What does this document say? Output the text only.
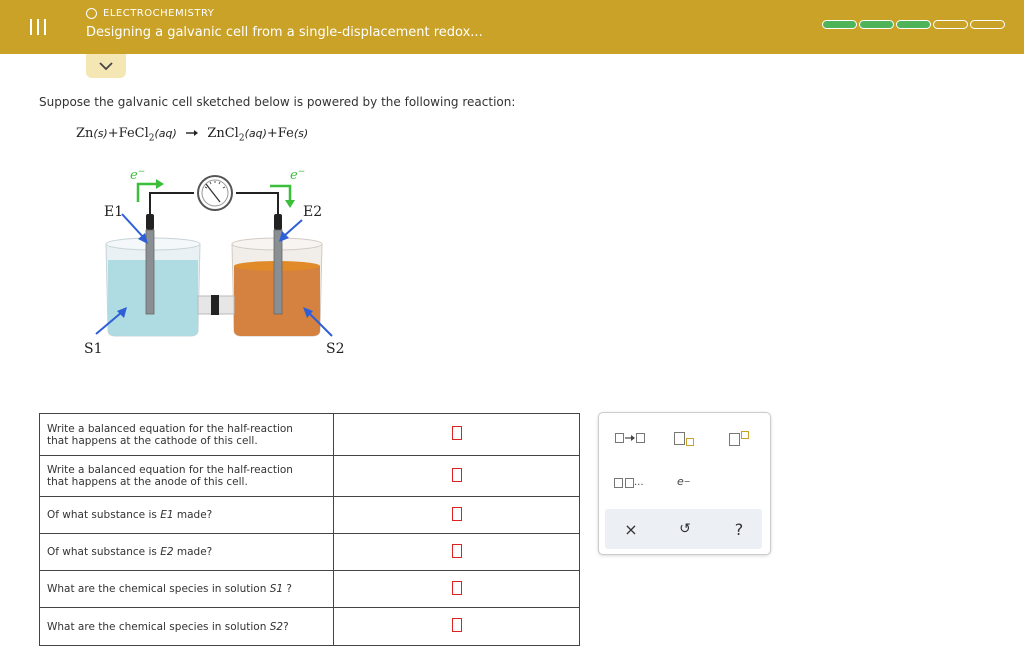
ELECTROCHEMISTRY
Designing a galvanic cell from a single-displacement redox...
Suppose the galvanic cell sketched below is powered by the following reaction:
Zn(s)+FeCl$_2$(aq) → ZnCl$_2$(aq)+Fe(s)
e−	e−
E1	E2
S1	S2
Write a balanced equation for the half-reaction
that happens at the cathode of this cell.	
Write a balanced equation for the half-reaction
that happens at the anode of this cell.	
Of what substance is E1 made?	
Of what substance is E2 made?	
What are the chemical species in solution S1 ?	
What are the chemical species in solution S2?	
...	e −
×	↺	?
